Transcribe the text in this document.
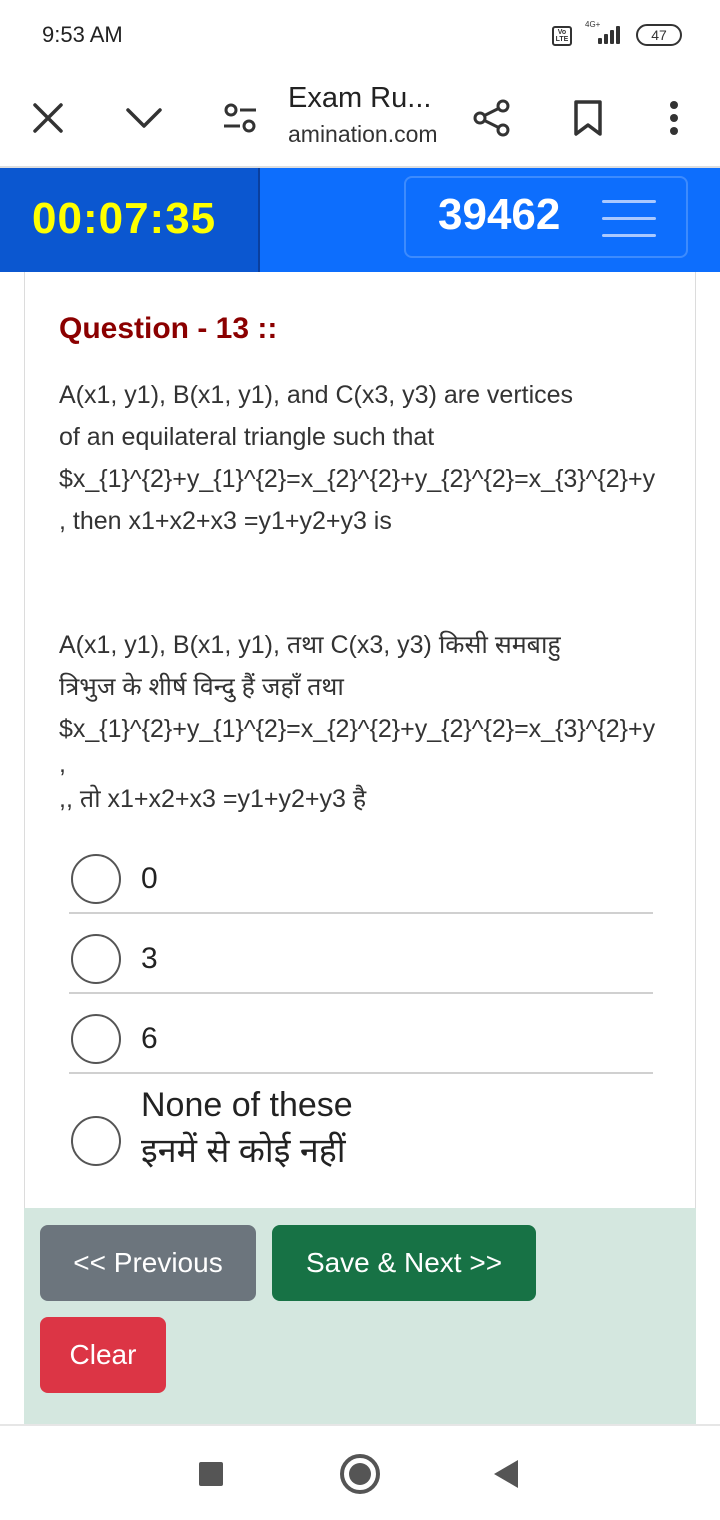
9:53 AM	Vo LTE
4G+
47
Exam Ru...
amination.com
00:07:35	39462
Question - 13 ::
A(x1, y1), B(x1, y1), and C(x3, y3) are vertices
of an equilateral triangle such that
$x_{1}^{2}+y_{1}^{2}=x_{2}^{2}+y_{2}^{2}=x_{3}^{2}+y
, then x1+x2+x3 =y1+y2+y3 is
A(x1, y1), B(x1, y1), तथा C(x3, y3) किसी समबाहु
त्रिभुज के शीर्ष विन्दु हैं जहाँ तथा
$x_{1}^{2}+y_{1}^{2}=x_{2}^{2}+y_{2}^{2}=x_{3}^{2}+y
,
,, तो x1+x2+x3 =y1+y2+y3 है
0
3
6
None of these
इनमें से कोई नहीं
<< Previous	Save & Next >>
Clear
